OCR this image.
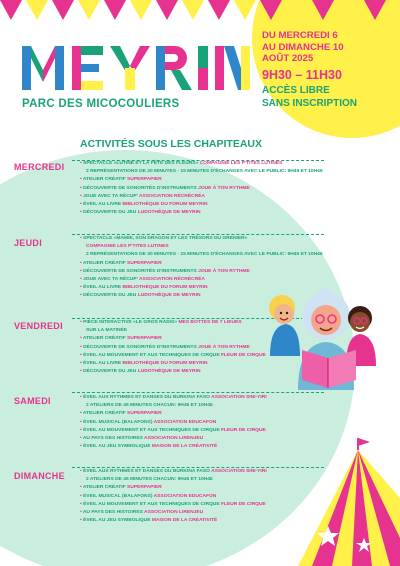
MEYRIN
PARC DES MICOCOULIERS
DU MERCREDI 6
AU DIMANCHE 10
AOÛT 2025
9H30 – 11H30
ACCÈS LIBRE
SANS INSCRIPTION
ACTIVITÉS SOUS LES CHAPITEAUX
MERCREDI	• SPECTACLE «LUTINE ET LA FÊTE DES FLEURS» COMPAGNIE LES P'TITES LUTINES
2 REPRÉSENTATIONS DE 20 MINUTES · 15 MINUTES D'ÉCHANGES AVEC LE PUBLIC: 9H45 ET 10H45
• ATELIER CRÉATIF SUPERPAPIER
• DÉCOUVERTE DE SONORITÉS D'INSTRUMENTS JOUE À TON RYTHME
• JOUE AVEC TA RÉCUP' ASSOCIATION RÉCRÉCRÉA
• ÉVEIL AU LIVRE BIBLIOTHÈQUE DU FORUM MEYRIN
• DÉCOUVERTE DU JEU LUDOTHÈQUE DE MEYRIN
JEUDI	• SPECTACLE «MAMIE, SON DRAGON ET LES TRÉSORS DU GRENIER»
COMPAGNIE LES P'TITES LUTINES
2 REPRÉSENTATIONS DE 30 MINUTES · 15 MINUTES D'ÉCHANGES AVEC LE PUBLIC: 9H45 ET 10H45
• ATELIER CRÉATIF SUPERPAPIER
• DÉCOUVERTE DE SONORITÉS D'INSTRUMENTS JOUE À TON RYTHME
• JOUE AVEC TA RÉCUP' ASSOCIATION RÉCRÉCRÉA
• ÉVEIL AU LIVRE BIBLIOTHÈQUE DU FORUM MEYRIN
• DÉCOUVERTE DU JEU LUDOTHÈQUE DE MEYRIN
VENDREDI	• PIÈCE INTERACTIVE «LE GROS RADIS» MES BOTTES DE 7 LIEUES
SUR LA MATINÉE
• ATELIER CRÉATIF SUPERPAPIER
• DÉCOUVERTE DE SONORITÉS D'INSTRUMENTS JOUE À TON RYTHME
• ÉVEIL AU MOUVEMENT ET AUX TECHNIQUES DE CIRQUE FLEUR DE CIRQUE
• ÉVEIL AU LIVRE BIBLIOTHÈQUE DU FORUM MEYRIN
• DÉCOUVERTE DU JEU LUDOTHÈQUE DE MEYRIN
SAMEDI	• ÉVEIL AUX RYTHMES ET DANSES DU BURKINA FASO ASSOCIATION SINI-YIRI
2 ATELIERS DE 45 MINUTES CHACUN: 9H45 ET 10H45
• ATELIER CRÉATIF SUPERPAPIER
• ÉVEIL MUSICAL (BALAFONS) ASSOCIATION EDUCAFON
• ÉVEIL AU MOUVEMENT ET AUX TECHNIQUES DE CIRQUE FLEUR DE CIRQUE
• AU PAYS DES HISTOIRES ASSOCIATION LIRENJEU
• ÉVEIL AU JEU SYMBOLIQUE MAISON DE LA CRÉATIVITÉ
DIMANCHE	• ÉVEIL AUX RYTHMES ET DANSES DU BURKINA FASO ASSOCIATION SINI-YIRI
2 ATELIERS DE 45 MINUTES CHACUN: 9H45 ET 10H45
• ATELIER CRÉATIF SUPERPAPIER
• ÉVEIL MUSICAL (BALAFONS) ASSOCIATION EDUCAFON
• ÉVEIL AU MOUVEMENT ET AUX TECHNIQUES DE CIRQUE FLEUR DE CIRQUE
• AU PAYS DES HISTOIRES ASSOCIATION LIRENJEU
• ÉVEIL AU JEU SYMBOLIQUE MAISON DE LA CRÉATIVITÉ
